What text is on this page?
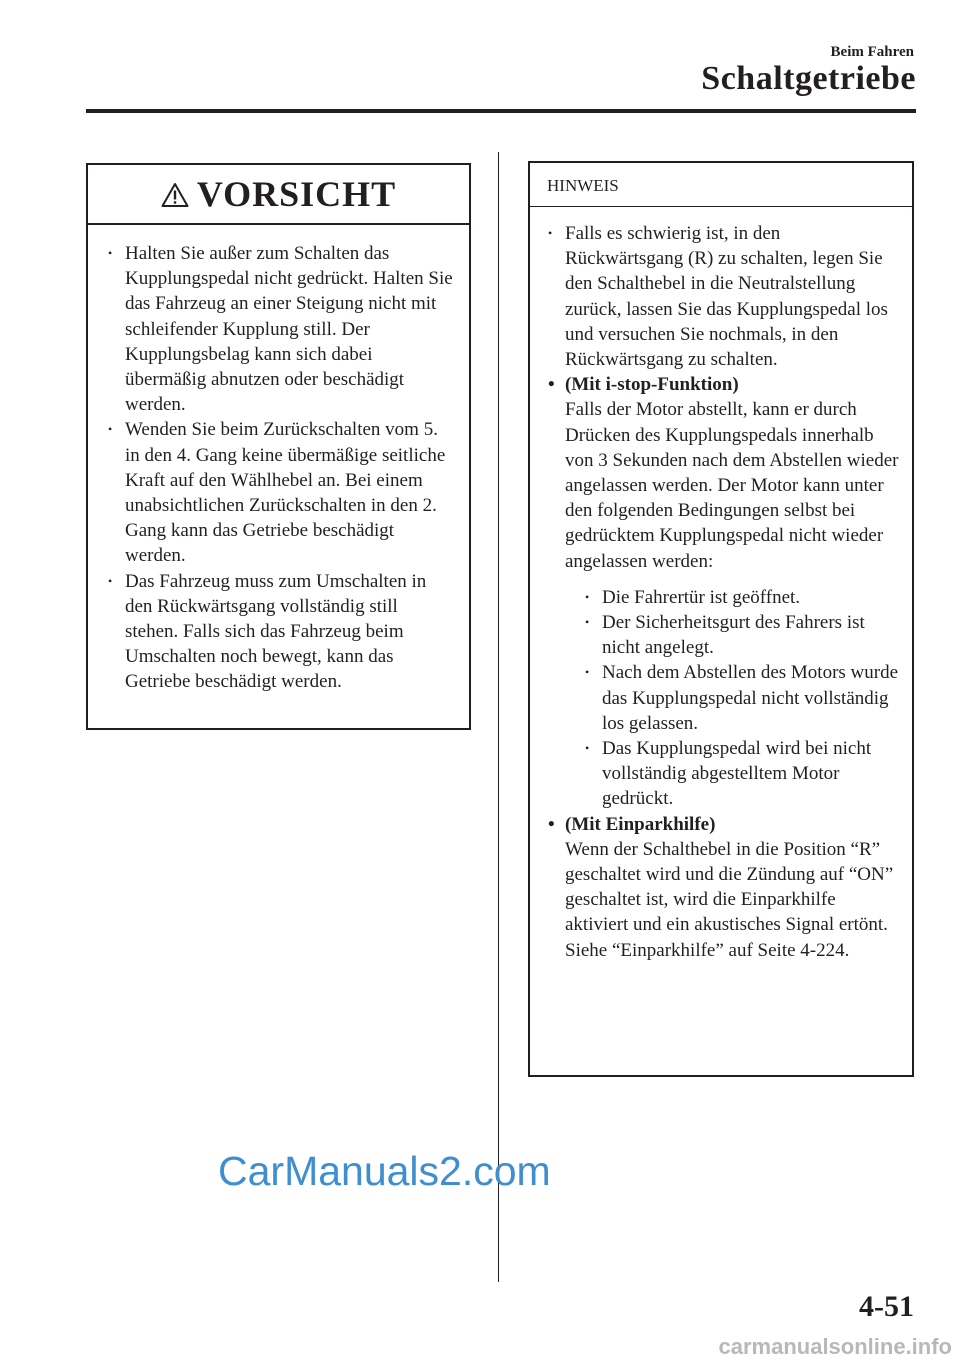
Beim Fahren
Schaltgetriebe
VORSICHT
• Halten Sie außer zum Schalten das Kupplungspedal nicht gedrückt. Halten Sie das Fahrzeug an einer Steigung nicht mit schleifender Kupplung still. Der Kupplungsbelag kann sich dabei übermäßig abnutzen oder beschädigt werden.
• Wenden Sie beim Zurückschalten vom 5. in den 4. Gang keine übermäßige seitliche Kraft auf den Wählhebel an. Bei einem unabsichtlichen Zurückschalten in den 2. Gang kann das Getriebe beschädigt werden.
• Das Fahrzeug muss zum Umschalten in den Rückwärtsgang vollständig still stehen. Falls sich das Fahrzeug beim Umschalten noch bewegt, kann das Getriebe beschädigt werden.
HINWEIS
• Falls es schwierig ist, in den Rückwärtsgang (R) zu schalten, legen Sie den Schalthebel in die Neutralstellung zurück, lassen Sie das Kupplungspedal los und versuchen Sie nochmals, in den Rückwärtsgang zu schalten.
• (Mit i-stop-Funktion)
Falls der Motor abstellt, kann er durch Drücken des Kupplungspedals innerhalb von 3 Sekunden nach dem Abstellen wieder angelassen werden. Der Motor kann unter den folgenden Bedingungen selbst bei gedrücktem Kupplungspedal nicht wieder angelassen werden:
• Die Fahrertür ist geöffnet.
• Der Sicherheitsgurt des Fahrers ist nicht angelegt.
• Nach dem Abstellen des Motors wurde das Kupplungspedal nicht vollständig los gelassen.
• Das Kupplungspedal wird bei nicht vollständig abgestelltem Motor gedrückt.
• (Mit Einparkhilfe)
Wenn der Schalthebel in die Position “R” geschaltet wird und die Zündung auf “ON” geschaltet ist, wird die Einparkhilfe aktiviert und ein akustisches Signal ertönt.
Siehe “Einparkhilfe” auf Seite 4-224.
CarManuals2.com
4-51
carmanualsonline.info
